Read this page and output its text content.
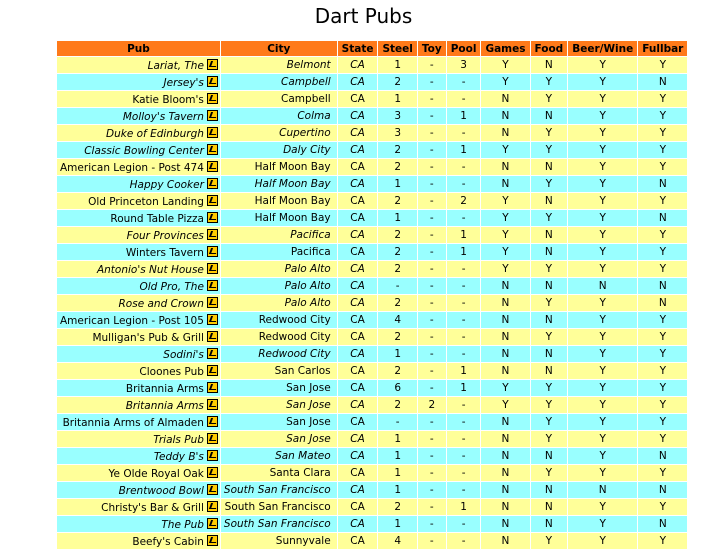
Dart Pubs
Pub	City	State	Steel	Toy	Pool	Games	Food	Beer/Wine	Fullbar
Lariat, The	Belmont	CA	1	-	3	Y	N	Y	Y
Jersey's	Campbell	CA	2	-	-	Y	Y	Y	N
Katie Bloom's	Campbell	CA	1	-	-	N	Y	Y	Y
Molloy's Tavern	Colma	CA	3	-	1	N	N	Y	Y
Duke of Edinburgh	Cupertino	CA	3	-	-	N	Y	Y	Y
Classic Bowling Center	Daly City	CA	2	-	1	Y	Y	Y	Y
American Legion - Post 474	Half Moon Bay	CA	2	-	-	N	N	Y	Y
Happy Cooker	Half Moon Bay	CA	1	-	-	N	Y	Y	N
Old Princeton Landing	Half Moon Bay	CA	2	-	2	Y	N	Y	Y
Round Table Pizza	Half Moon Bay	CA	1	-	-	Y	Y	Y	N
Four Provinces	Pacifica	CA	2	-	1	Y	N	Y	Y
Winters Tavern	Pacifica	CA	2	-	1	Y	N	Y	Y
Antonio's Nut House	Palo Alto	CA	2	-	-	Y	Y	Y	Y
Old Pro, The	Palo Alto	CA	-	-	-	N	N	N	N
Rose and Crown	Palo Alto	CA	2	-	-	N	Y	Y	N
American Legion - Post 105	Redwood City	CA	4	-	-	N	N	Y	Y
Mulligan's Pub & Grill	Redwood City	CA	2	-	-	N	Y	Y	Y
Sodini's	Redwood City	CA	1	-	-	N	N	Y	Y
Cloones Pub	San Carlos	CA	2	-	1	N	N	Y	Y
Britannia Arms	San Jose	CA	6	-	1	Y	Y	Y	Y
Britannia Arms	San Jose	CA	2	2	-	Y	Y	Y	Y
Britannia Arms of Almaden	San Jose	CA	-	-	-	N	Y	Y	Y
Trials Pub	San Jose	CA	1	-	-	N	Y	Y	Y
Teddy B's	San Mateo	CA	1	-	-	N	N	Y	N
Ye Olde Royal Oak	Santa Clara	CA	1	-	-	N	Y	Y	Y
Brentwood Bowl	South San Francisco	CA	1	-	-	N	N	N	N
Christy's Bar & Grill	South San Francisco	CA	2	-	1	N	N	Y	Y
The Pub	South San Francisco	CA	1	-	-	N	N	Y	N
Beefy's Cabin	Sunnyvale	CA	4	-	-	N	Y	Y	Y
